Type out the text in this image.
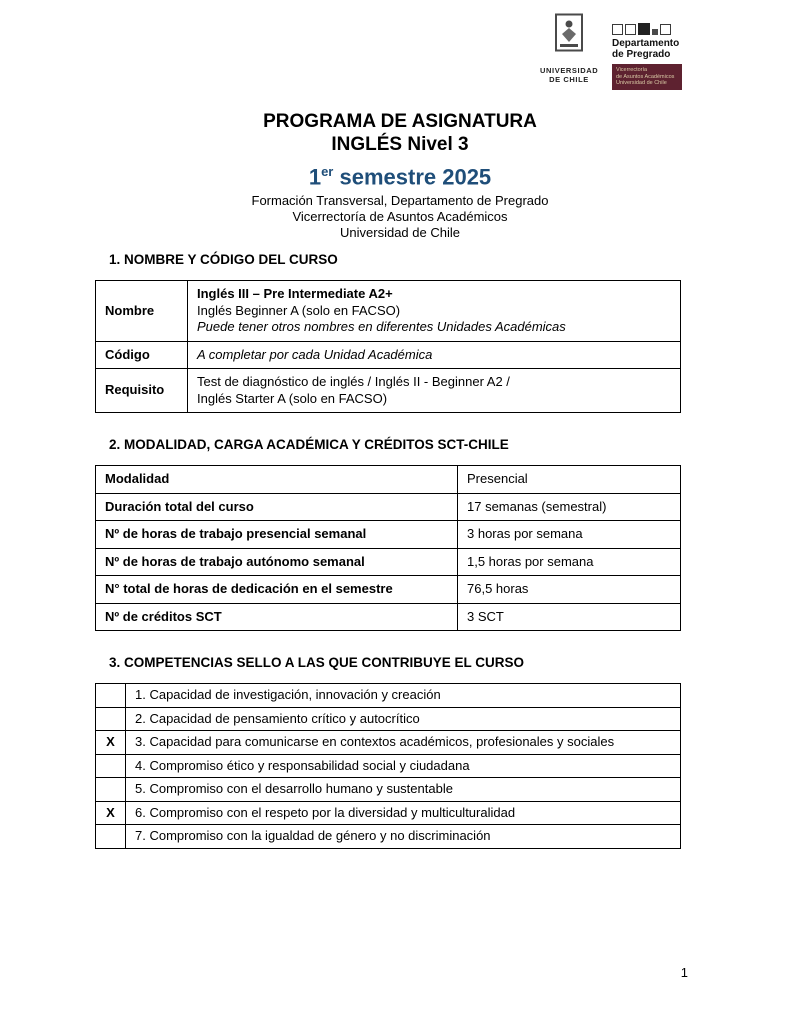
UNIVERSIDAD
DE CHILE
Departamento
de Pregrado
Vicerrectoría
de Asuntos Académicos
Universidad de Chile
PROGRAMA DE ASIGNATURA
INGLÉS Nivel 3
1er semestre 2025
Formación Transversal, Departamento de Pregrado
Vicerrectoría de Asuntos Académicos
Universidad de Chile
1. NOMBRE Y CÓDIGO DEL CURSO
Nombre	Inglés III – Pre Intermediate A2+
Inglés Beginner A (solo en FACSO)
Puede tener otros nombres en diferentes Unidades Académicas

Código	A completar por cada Unidad Académica
Requisito	Test de diagnóstico de inglés / Inglés II - Beginner A2 /
Inglés Starter A (solo en FACSO)
2. MODALIDAD, CARGA ACADÉMICA Y CRÉDITOS SCT-CHILE
Modalidad	Presencial
Duración total del curso	17 semanas (semestral)
Nº de horas de trabajo presencial semanal	3 horas por semana
Nº de horas de trabajo autónomo semanal	1,5 horas por semana
N° total de horas de dedicación en el semestre	76,5 horas
Nº de créditos SCT	3 SCT
3. COMPETENCIAS SELLO A LAS QUE CONTRIBUYE EL CURSO
	1. Capacidad de investigación, innovación y creación
	2. Capacidad de pensamiento crítico y autocrítico
X	3. Capacidad para comunicarse en contextos académicos, profesionales y sociales
	4. Compromiso ético y responsabilidad social y ciudadana
	5. Compromiso con el desarrollo humano y sustentable
X	6. Compromiso con el respeto por la diversidad y multiculturalidad
	7. Compromiso con la igualdad de género y no discriminación
1
